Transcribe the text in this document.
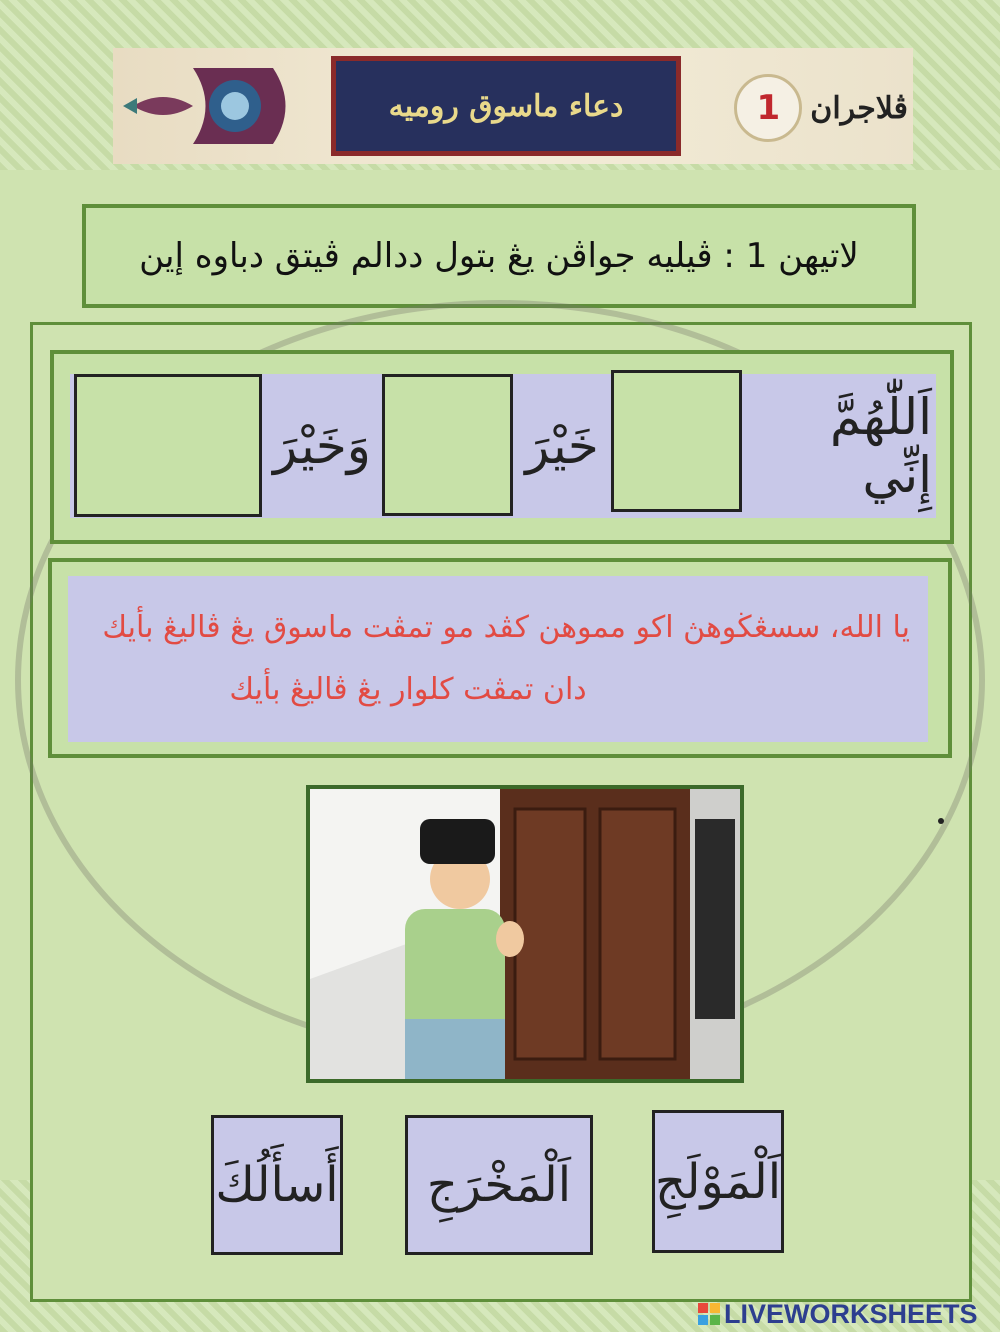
دعاء ماسوق روميه	1	ڤلاجران
لاتيهن 1 : ڤيليه جواڤن يڠ بتول ددالم ڤيتق دباوه إين
اَللّٰهُمَّ إِنِّي
خَيْرَ
وَخَيْرَ
يا الله، سسڠڬوهڽ اكو مموهن كڤد مو تمڤت ماسوق يڠ ڤاليڠ بأيك
دان تمڤت كلوار يڠ ڤاليڠ بأيك
أَسأَلُكَ	اَلْمَخْرَجِ	اَلْمَوْلَجِ
LIVEWORKSHEETS
